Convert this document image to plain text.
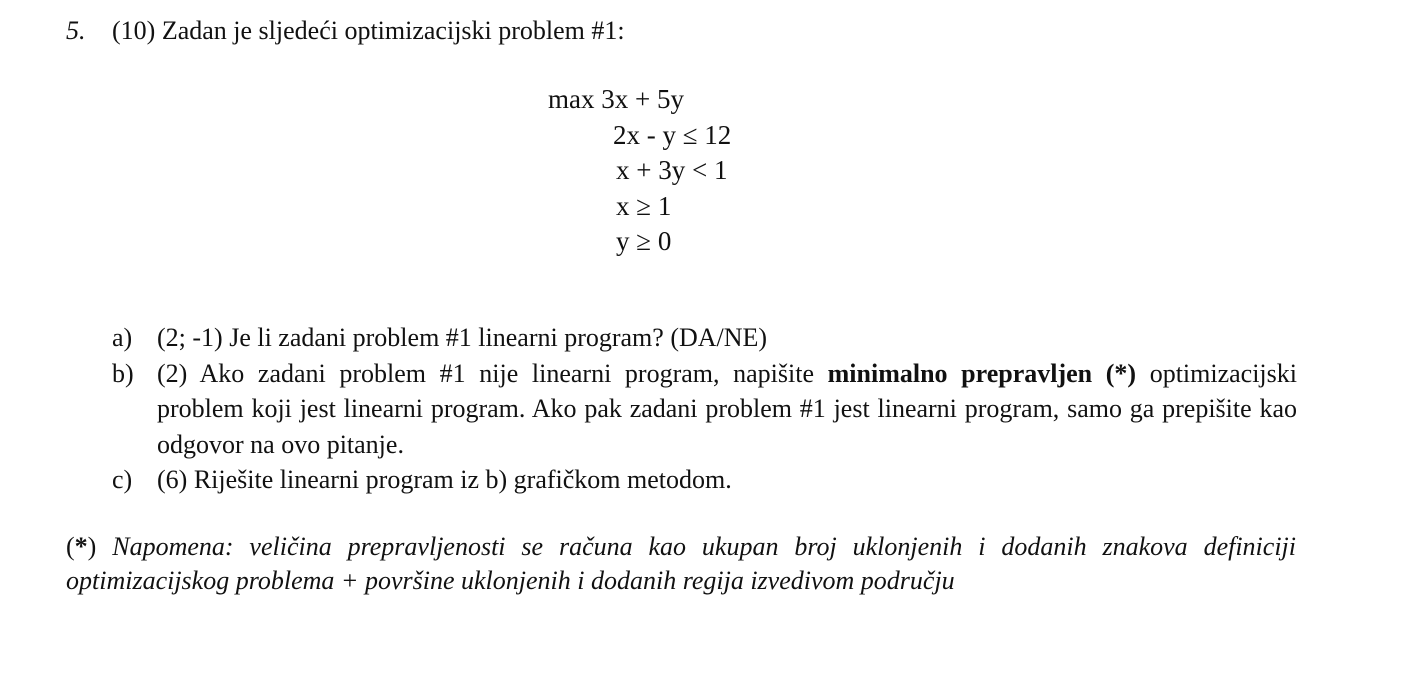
5. (10) Zadan je sljedeći optimizacijski problem #1:
max 3x + 5y
2x - y ≤ 12
x + 3y < 1
x ≥ 1
y ≥ 0
a) (2; -1) Je li zadani problem #1 linearni program? (DA/NE)
b) (2) Ako zadani problem #1 nije linearni program, napišite minimalno prepravljen (*) optimizacijski problem koji jest linearni program. Ako pak zadani problem #1 jest linearni program, samo ga prepišite kao odgovor na ovo pitanje.
c) (6) Riješite linearni program iz b) grafičkom metodom.
(*) Napomena: veličina prepravljenosti se računa kao ukupan broj uklonjenih i dodanih znakova definiciji optimizacijskog problema + površine uklonjenih i dodanih regija izvedivom području
